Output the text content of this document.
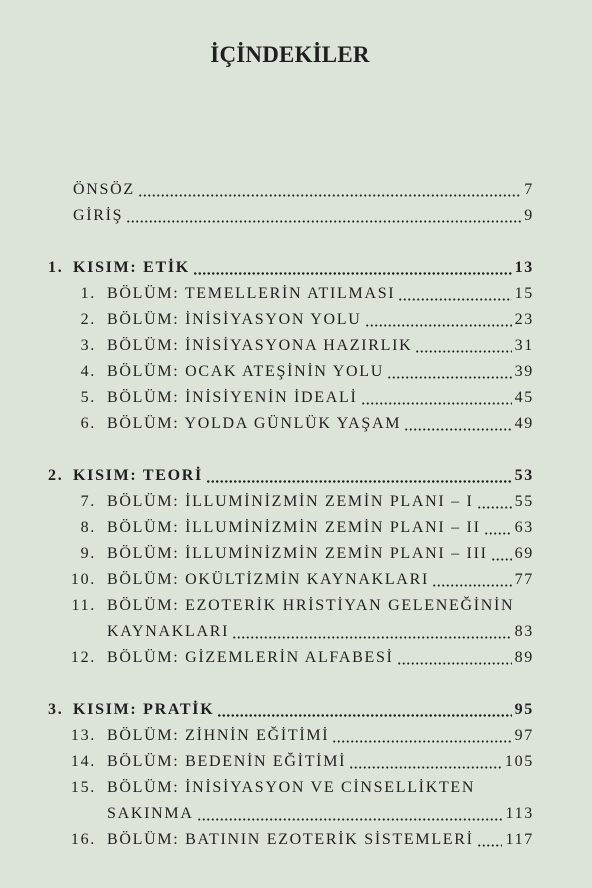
İÇİNDEKİLER
ÖNSÖZ	7
GİRİŞ	9
1. KISIM: ETİK	13
1. BÖLÜM: TEMELLERİN ATILMASI	15
2. BÖLÜM: İNİSİYASYON YOLU	23
3. BÖLÜM: İNİSİYASYONA HAZIRLIK	31
4. BÖLÜM: OCAK ATEŞİNİN YOLU	39
5. BÖLÜM: İNİSİYENİN İDEALİ	45
6. BÖLÜM: YOLDA GÜNLÜK YAŞAM	49
2. KISIM: TEORİ	53
7. BÖLÜM: İLLUMİNİZMİN ZEMİN PLANI – I	55
8. BÖLÜM: İLLUMİNİZMİN ZEMİN PLANI – II 63
9. BÖLÜM: İLLUMİNİZMİN ZEMİN PLANI – III 69
10. BÖLÜM: OKÜLTİZMİN KAYNAKLARI	77
11. BÖLÜM: EZOTERİK HRİSTİYAN GELENEĞİNİN
KAYNAKLARI	83
12. BÖLÜM: GİZEMLERİN ALFABESİ	89
3. KISIM: PRATİK	95
13. BÖLÜM: ZİHNİN EĞİTİMİ	97
14. BÖLÜM: BEDENİN EĞİTİMİ	105
15. BÖLÜM: İNİSİYASYON VE CİNSELLİKTEN
SAKINMA	113
16. BÖLÜM: BATININ EZOTERİK SİSTEMLERİ 117
